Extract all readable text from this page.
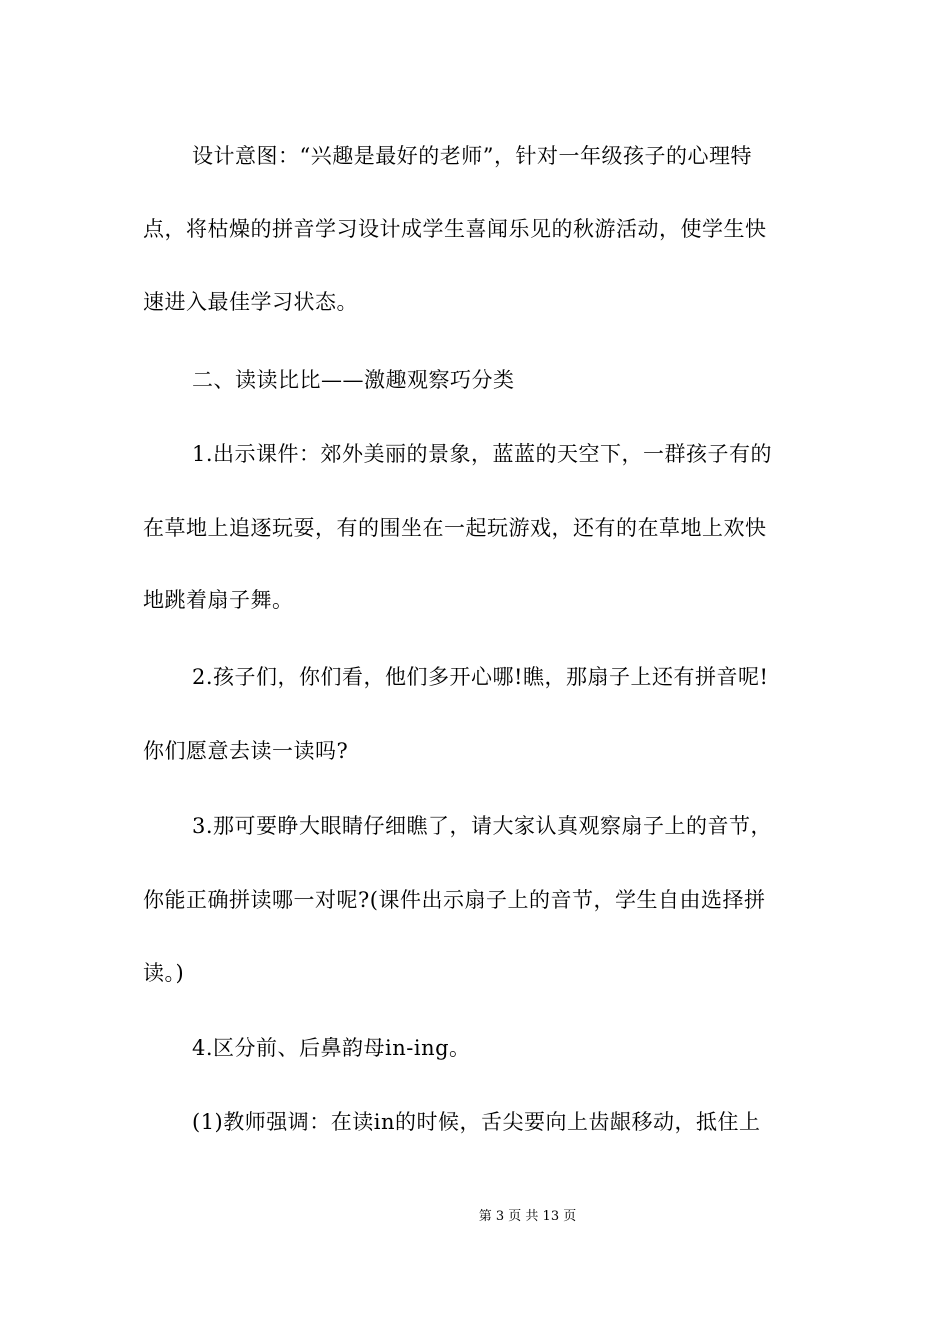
设计意图：“兴趣是最好的老师”，针对一年级孩子的心理特
点，将枯燥的拼音学习设计成学生喜闻乐见的秋游活动，使学生快
速进入最佳学习状态。
二、读读比比——激趣观察巧分类
1.出示课件：郊外美丽的景象，蓝蓝的天空下，一群孩子有的
在草地上追逐玩耍，有的围坐在一起玩游戏，还有的在草地上欢快
地跳着扇子舞。
2.孩子们，你们看，他们多开心哪!瞧，那扇子上还有拼音呢!
你们愿意去读一读吗?
3.那可要睁大眼睛仔细瞧了，请大家认真观察扇子上的音节，
你能正确拼读哪一对呢?(课件出示扇子上的音节，学生自由选择拼
读。)
4.区分前、后鼻韵母in-ing。
(1)教师强调：在读in的时候，舌尖要向上齿龈移动，抵住上
第 3 页 共 13 页
